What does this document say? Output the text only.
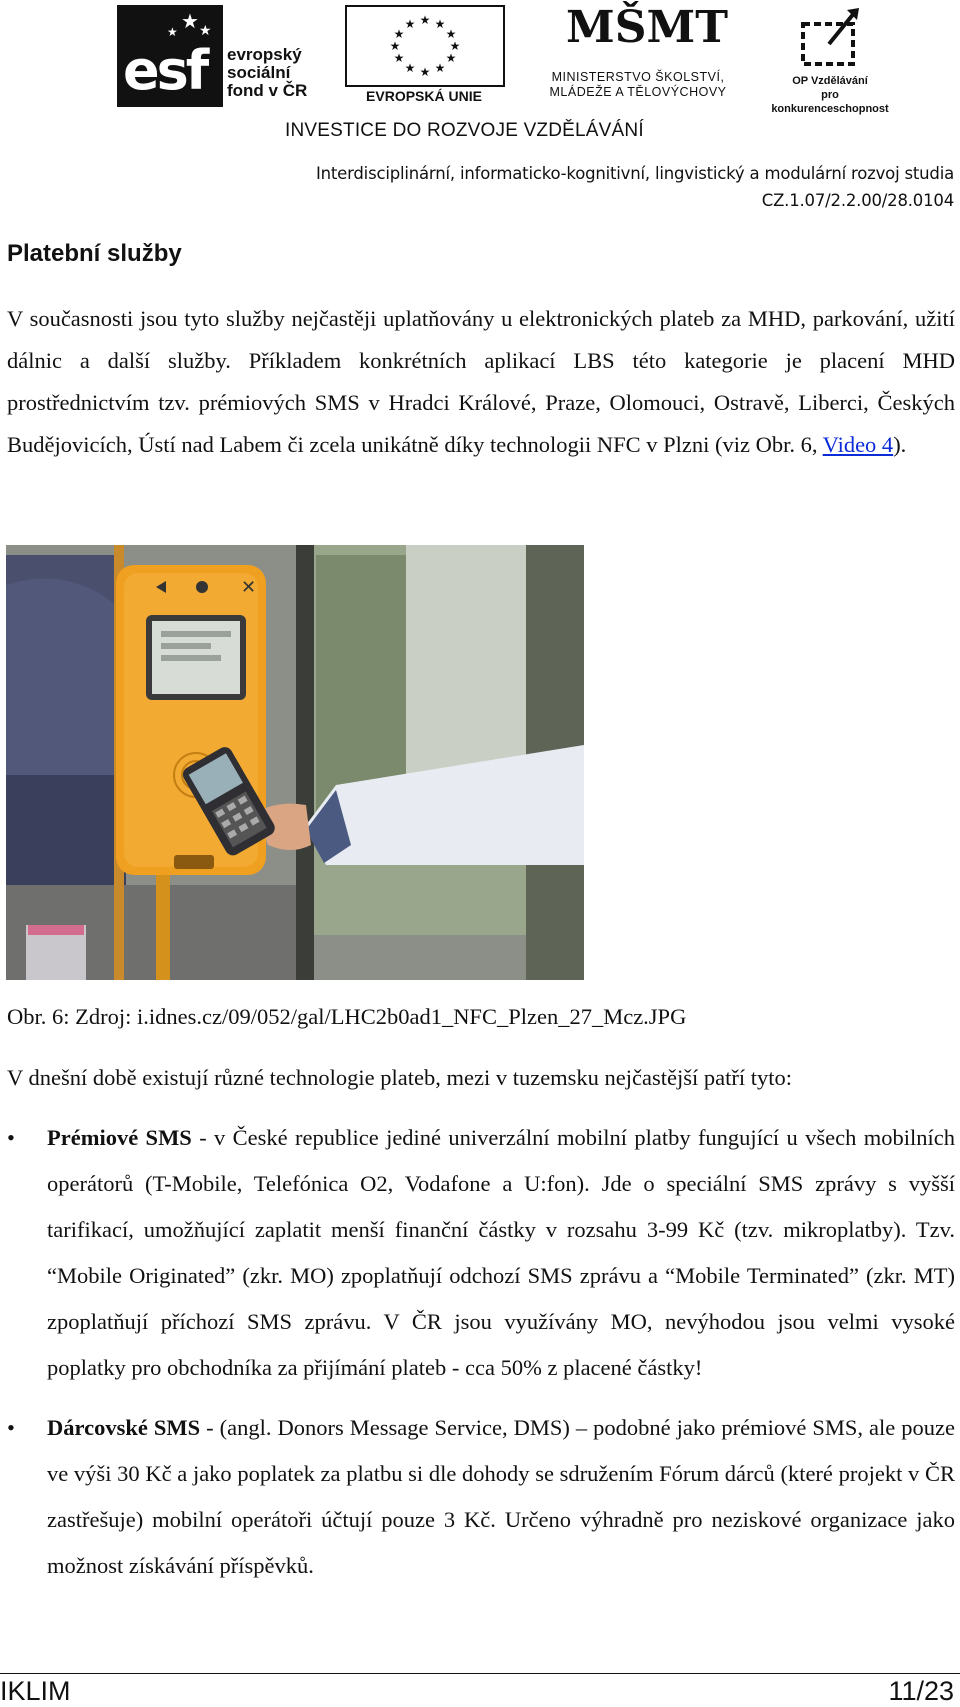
esf
★ ★
★
evropský
sociální
fond v ČR
★ ★
★
★
★
★
★
★
★
★
★
★
EVROPSKÁ UNIE
MŠMT
MINISTERSTVO ŠKOLSTVÍ,
MLÁDEŽE A TĚLOVÝCHOVY
OP Vzdělávání
pro konkurenceschopnost
INVESTICE DO ROZVOJE VZDĚLÁVÁNÍ
Interdisciplinární, informaticko-kognitivní, lingvistický a modulární rozvoj studia
CZ.1.07/2.2.00/28.0104
Platební služby

V současnosti jsou tyto služby nejčastěji uplatňovány u elektronických plateb za MHD, parkování, užití dálnic a další služby. Příkladem konkrétních aplikací LBS této kategorie je placení MHD prostřednictvím tzv. prémiových SMS v Hradci Králové, Praze, Olomouci, Ostravě, Liberci, Českých Budějovicích, Ústí nad Labem či zcela unikátně díky technologii NFC v Plzni (viz Obr. 6, Video 4).

✕
Obr. 6: Zdroj: i.idnes.cz/09/052/gal/LHC2b0ad1_NFC_Plzen_27_Mcz.JPG

V dnešní době existují různé technologie plateb, mezi v tuzemsku nejčastější patří tyto:

• Prémiové SMS - v České republice jediné univerzální mobilní platby fungující u všech mobilních operátorů (T-Mobile, Telefónica O2, Vodafone a U:fon). Jde o speciální SMS zprávy s vyšší tarifikací, umožňující zaplatit menší finanční částky v rozsahu 3-99 Kč (tzv. mikroplatby). Tzv. “Mobile Originated” (zkr. MO) zpoplatňují odchozí SMS zprávu a “Mobile Terminated” (zkr. MT) zpoplatňují příchozí SMS zprávu. V ČR jsou využívány MO, nevýhodou jsou velmi vysoké poplatky pro obchodníka za přijímání plateb - cca 50% z placené částky!
• Dárcovské SMS - (angl. Donors Message Service, DMS) – podobné jako prémiové SMS, ale pouze ve výši 30 Kč a jako poplatek za platbu si dle dohody se sdružením Fórum dárců (které projekt v ČR zastřešuje) mobilní operátoři účtují pouze 3 Kč. Určeno výhradně pro neziskové organizace jako možnost získávání příspěvků.
IKLIM	11/23
